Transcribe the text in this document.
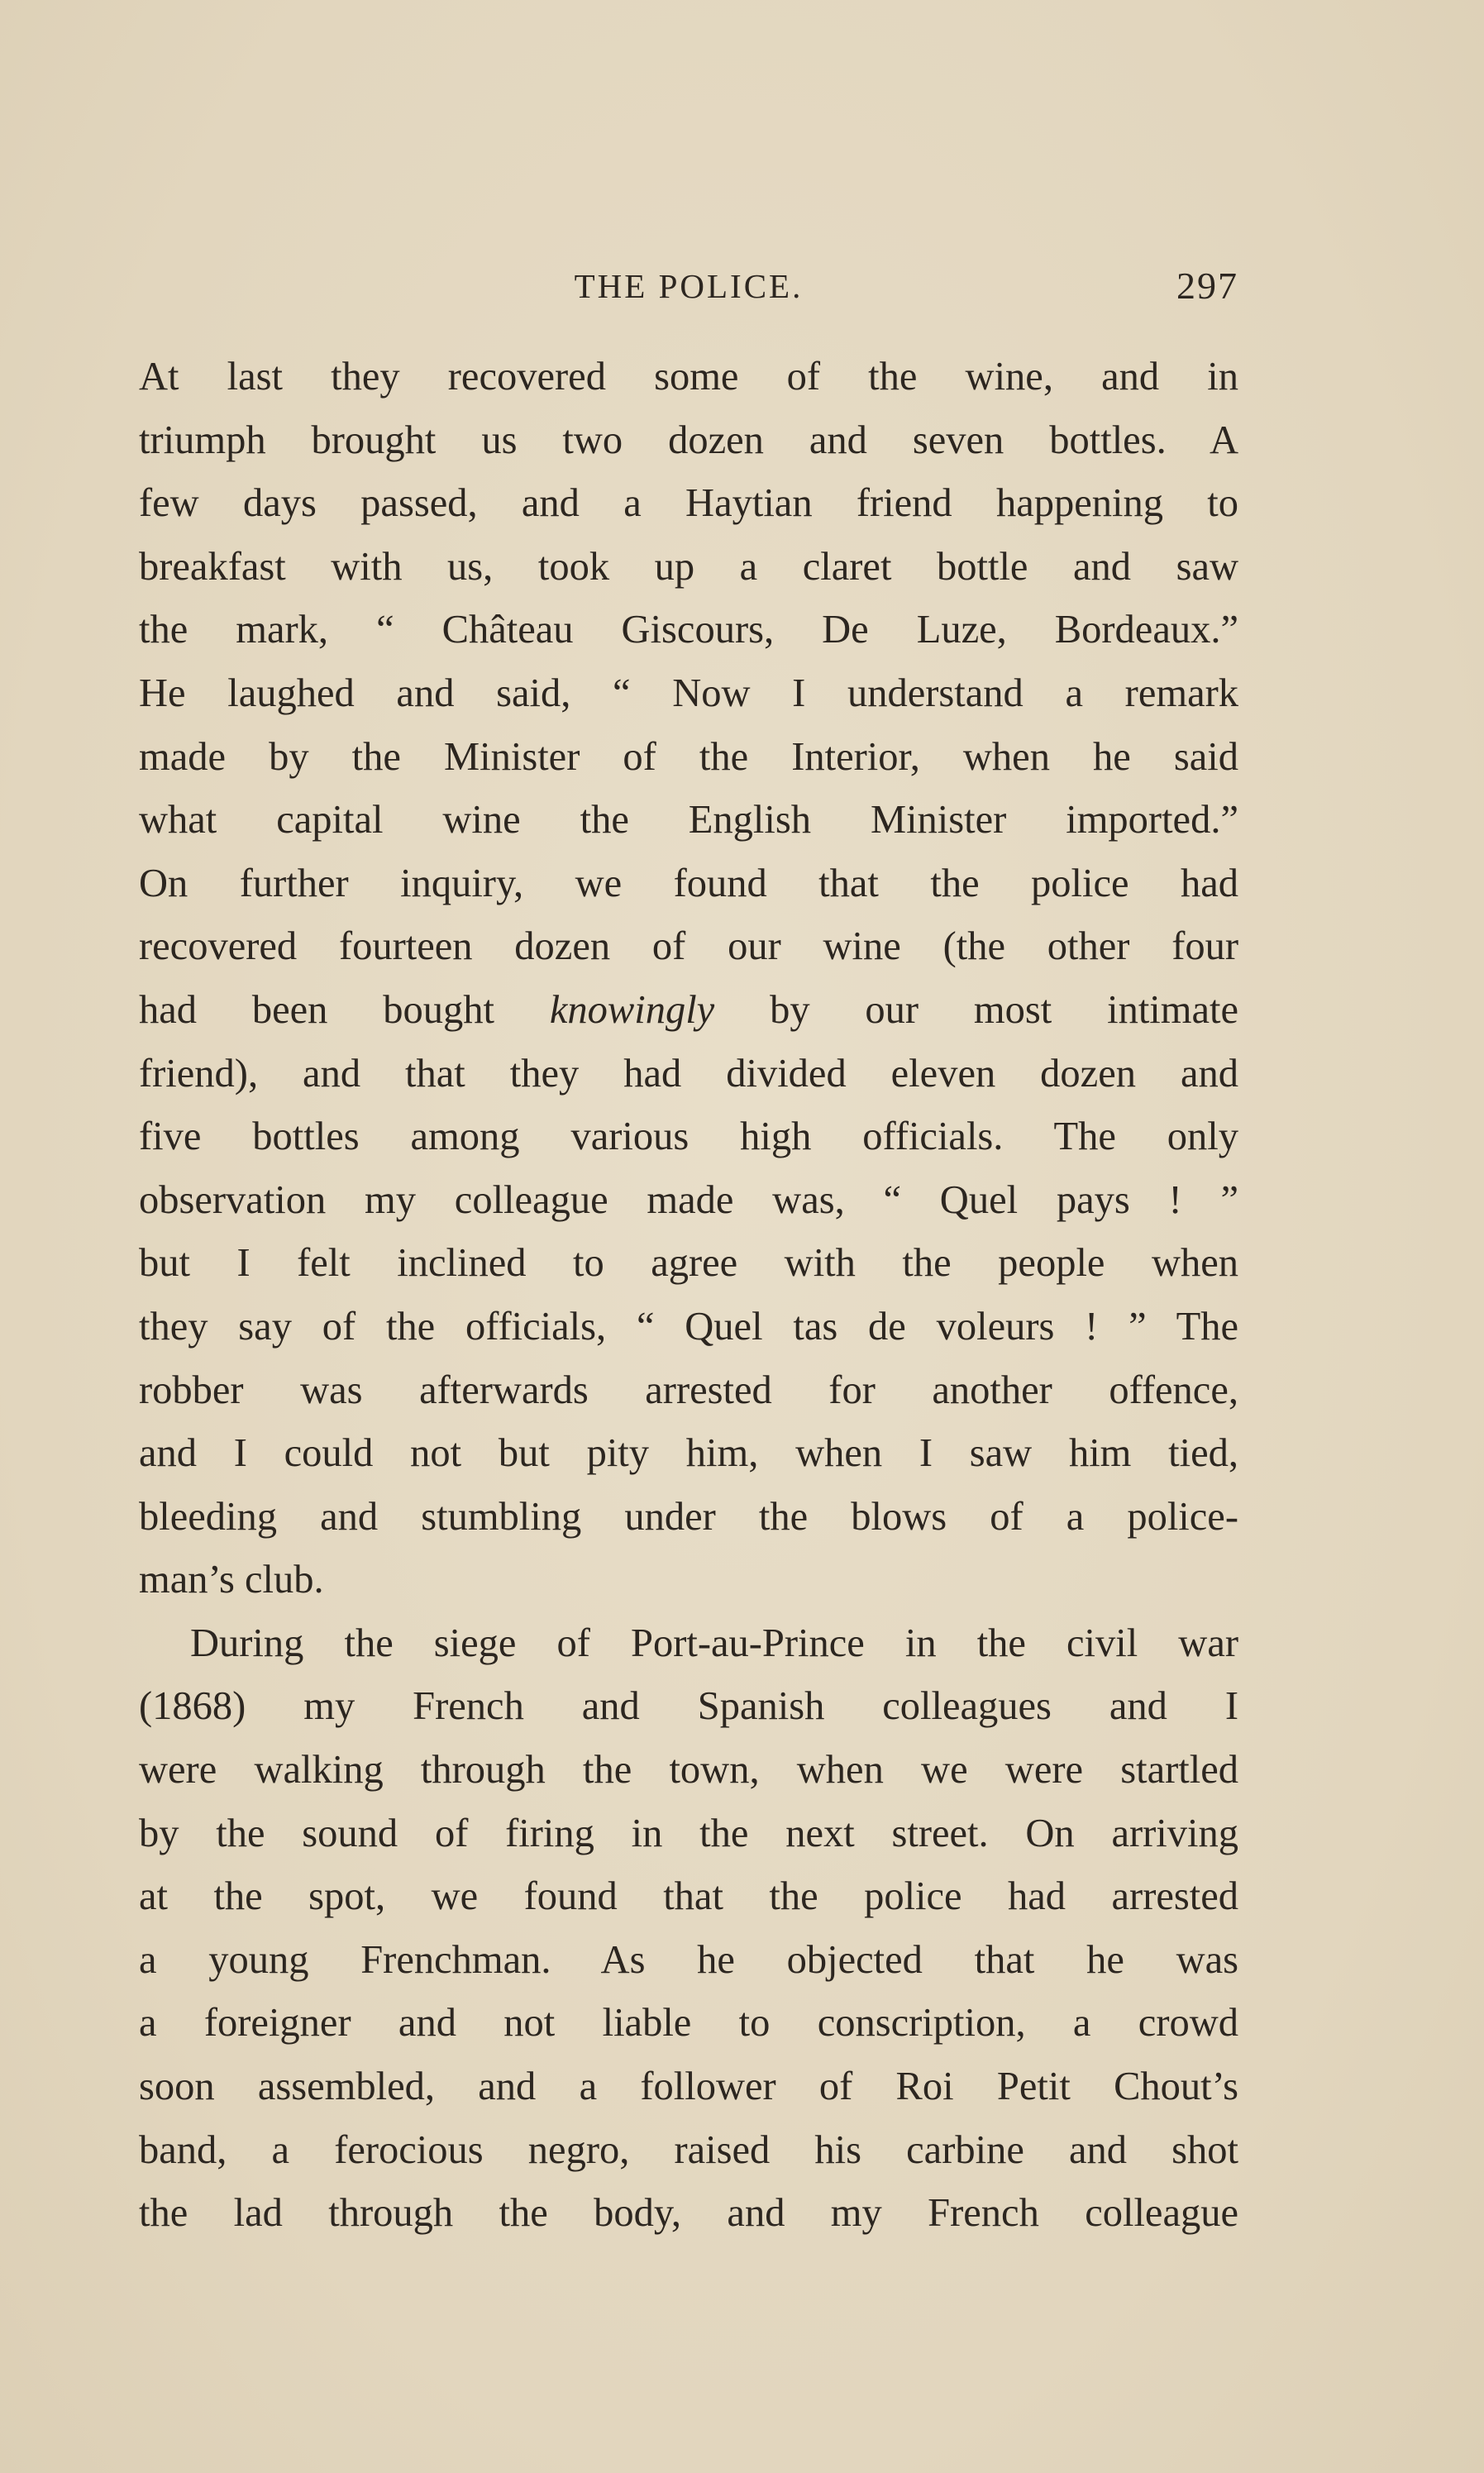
THE POLICE.	297
At last they recovered some of the wine, and in
triumph brought us two dozen and seven bottles. A
few days passed, and a Haytian friend happening to
breakfast with us, took up a claret bottle and saw
the mark, “ Château Giscours, De Luze, Bordeaux.”
He laughed and said, “ Now I understand a remark
made by the Minister of the Interior, when he said
what capital wine the English Minister imported.”
On further inquiry, we found that the police had
recovered fourteen dozen of our wine (the other four
had been bought knowingly by our most intimate
friend), and that they had divided eleven dozen and
five bottles among various high officials. The only
observation my colleague made was, “ Quel pays ! ”
but I felt inclined to agree with the people when
they say of the officials, “ Quel tas de voleurs ! ” The
robber was afterwards arrested for another offence,
and I could not but pity him, when I saw him tied,
bleeding and stumbling under the blows of a police-
man’s club.
During the siege of Port-au-Prince in the civil war
(1868) my French and Spanish colleagues and I
were walking through the town, when we were startled
by the sound of firing in the next street. On arriving
at the spot, we found that the police had arrested
a young Frenchman. As he objected that he was
a foreigner and not liable to conscription, a crowd
soon assembled, and a follower of Roi Petit Chout’s
band, a ferocious negro, raised his carbine and shot
the lad through the body, and my French colleague
